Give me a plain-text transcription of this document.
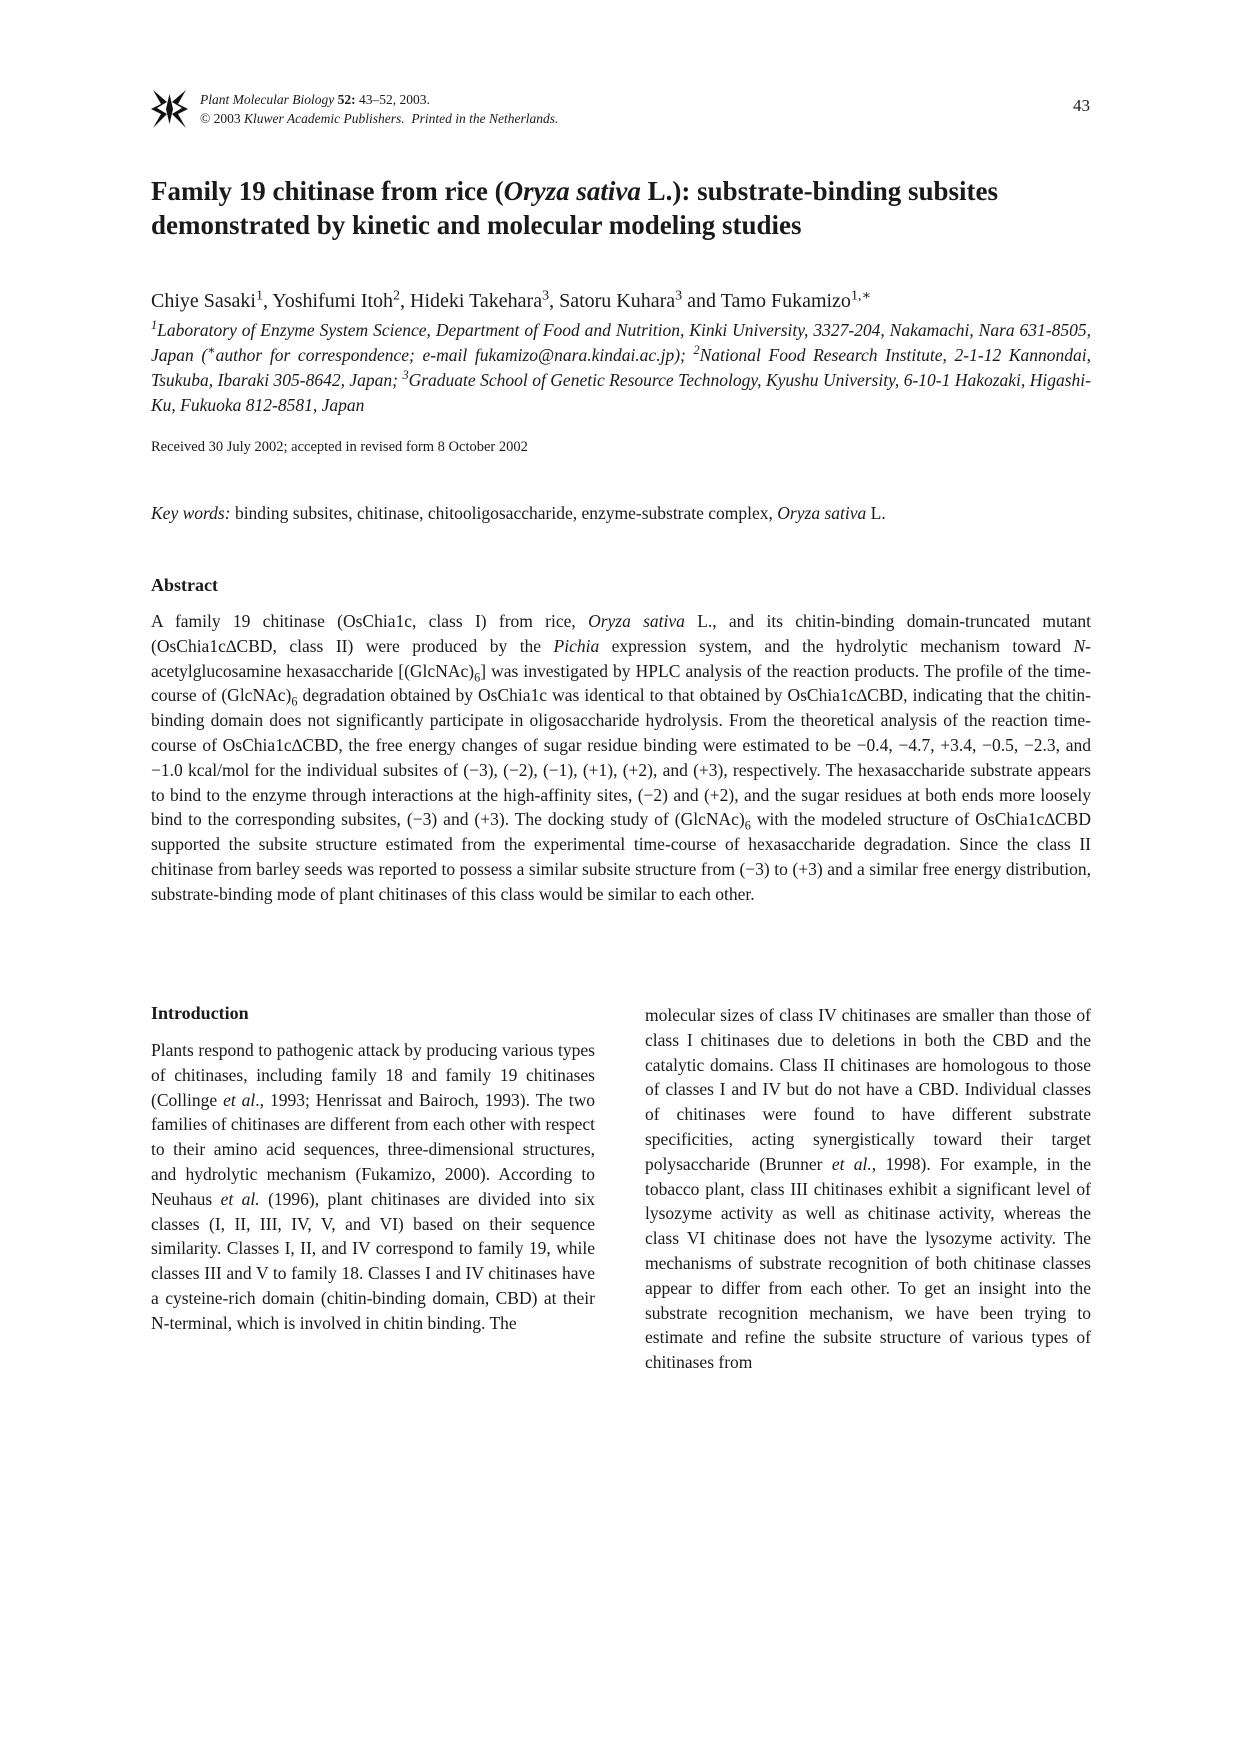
Plant Molecular Biology 52: 43–52, 2003.
© 2003 Kluwer Academic Publishers. Printed in the Netherlands.
43
Family 19 chitinase from rice (Oryza sativa L.): substrate-binding subsites demonstrated by kinetic and molecular modeling studies
Chiye Sasaki$^1$, Yoshifumi Itoh$^2$, Hideki Takehara$^3$, Satoru Kuhara$^3$ and Tamo Fukamizo$^{1,∗}$
$^1$Laboratory of Enzyme System Science, Department of Food and Nutrition, Kinki University, 3327-204, Nakamachi, Nara 631-8505, Japan (∗author for correspondence; e-mail fukamizo@nara.kindai.ac.jp); $^2$National Food Research Institute, 2-1-12 Kannondai, Tsukuba, Ibaraki 305-8642, Japan; $^3$Graduate School of Genetic Resource Technology, Kyushu University, 6-10-1 Hakozaki, Higashi-Ku, Fukuoka 812-8581, Japan
Received 30 July 2002; accepted in revised form 8 October 2002
Key words: binding subsites, chitinase, chitooligosaccharide, enzyme-substrate complex, Oryza sativa L.
Abstract
A family 19 chitinase (OsChia1c, class I) from rice, Oryza sativa L., and its chitin-binding domain-truncated mutant (OsChia1c∆CBD, class II) were produced by the Pichia expression system, and the hydrolytic mechanism toward N-acetylglucosamine hexasaccharide $[(GlcNAc)_6]$ was investigated by HPLC analysis of the reaction products. The profile of the time-course of $(GlcNAc)_6$ degradation obtained by OsChia1c was identical to that obtained by OsChia1c∆CBD, indicating that the chitin-binding domain does not significantly participate in oligosaccharide hydrolysis. From the theoretical analysis of the reaction time-course of OsChia1c∆CBD, the free energy changes of sugar residue binding were estimated to be −0.4, −4.7, +3.4, −0.5, −2.3, and −1.0 kcal/mol for the individual subsites of (−3), (−2), (−1), (+1), (+2), and (+3), respectively. The hexasaccharide substrate appears to bind to the enzyme through interactions at the high-affinity sites, (−2) and (+2), and the sugar residues at both ends more loosely bind to the corresponding subsites, (−3) and (+3). The docking study of $(GlcNAc)_6$ with the modeled structure of OsChia1c∆CBD supported the subsite structure estimated from the experimental time-course of hexasaccharide degradation. Since the class II chitinase from barley seeds was reported to possess a similar subsite structure from (−3) to (+3) and a similar free energy distribution, substrate-binding mode of plant chitinases of this class would be similar to each other.
Introduction
Plants respond to pathogenic attack by producing various types of chitinases, including family 18 and family 19 chitinases (Collinge et al., 1993; Henrissat and Bairoch, 1993). The two families of chitinases are different from each other with respect to their amino acid sequences, three-dimensional structures, and hydrolytic mechanism (Fukamizo, 2000). According to Neuhaus et al. (1996), plant chitinases are divided into six classes (I, II, III, IV, V, and VI) based on their sequence similarity. Classes I, II, and IV correspond to family 19, while classes III and V to family 18. Classes I and IV chitinases have a cysteine-rich domain (chitin-binding domain, CBD) at their N-terminal, which is involved in chitin binding. The
molecular sizes of class IV chitinases are smaller than those of class I chitinases due to deletions in both the CBD and the catalytic domains. Class II chitinases are homologous to those of classes I and IV but do not have a CBD. Individual classes of chitinases were found to have different substrate specificities, acting synergistically toward their target polysaccharide (Brunner et al., 1998). For example, in the tobacco plant, class III chitinases exhibit a significant level of lysozyme activity as well as chitinase activity, whereas the class VI chitinase does not have the lysozyme activity. The mechanisms of substrate recognition of both chitinase classes appear to differ from each other. To get an insight into the substrate recognition mechanism, we have been trying to estimate and refine the subsite structure of various types of chitinases from
